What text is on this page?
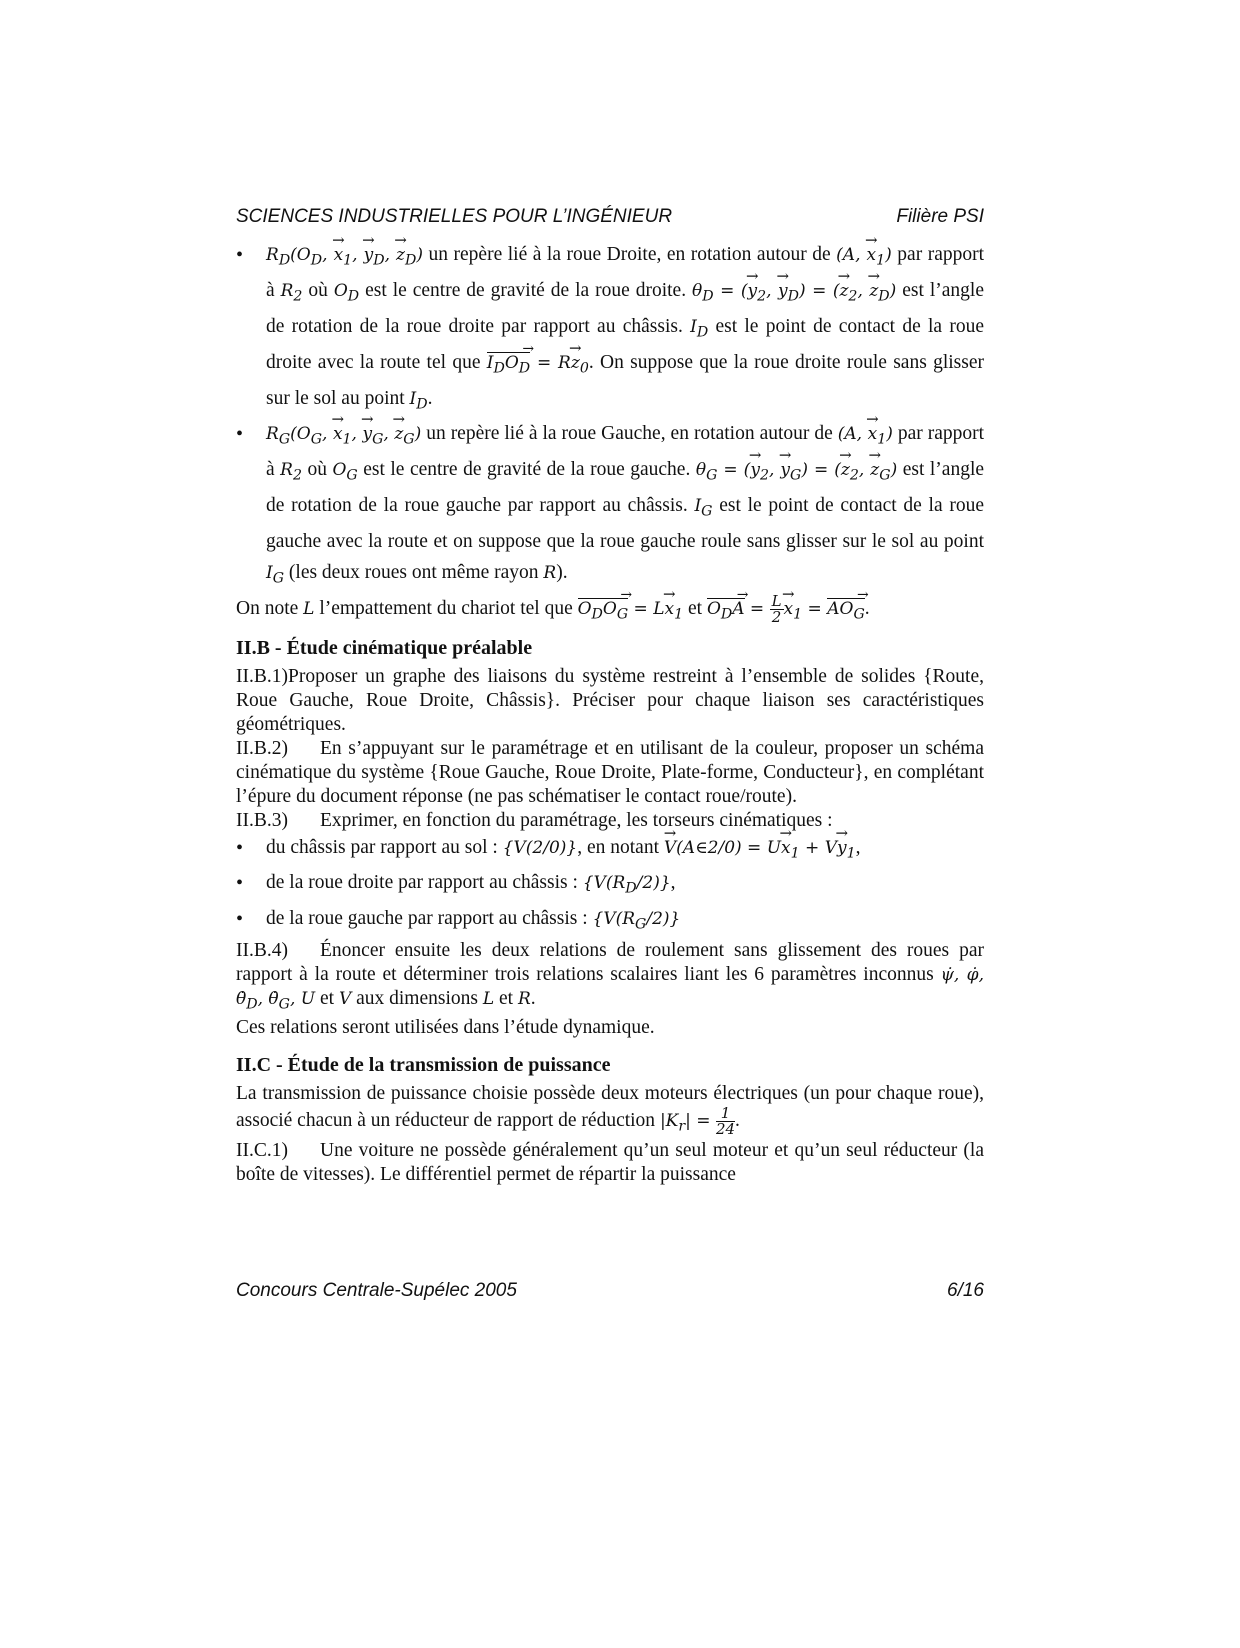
SCIENCES INDUSTRIELLES POUR L’INGÉNIEUR	Filière PSI
• $R_D(O_D$, → $x_1$, → $y_D$, → $z_D$) un repère lié à la roue Droite, en rotation autour de (A, → $x_1$) par rapport à $R_2$ où $O_D$ est le centre de gravité de la roue droite. $\theta_D$ = (→ $y_2$, → $y_D$) = (→ $z_2$, → $z_D$) est l’angle de rotation de la roue droite par rapport au châssis. $I_D$ est le point de contact de la roue droite avec la route tel que $I_DO_D$ → = $R\to z_0$. On suppose que la roue droite roule sans glisser sur le sol au point $I_D$.
• $R_G(O_G$, → $x_1$, → $y_G$, → $z_G$) un repère lié à la roue Gauche, en rotation autour de (A, → $x_1$) par rapport à $R_2$ où $O_G$ est le centre de gravité de la roue gauche. $\theta_G$ = (→ $y_2$, → $y_G$) = (→ $z_2$, → $z_G$) est l’angle de rotation de la roue gauche par rapport au châssis. $I_G$ est le point de contact de la roue gauche avec la route et on suppose que la roue gauche roule sans glisser sur le sol au point $I_G$ (les deux roues ont même rayon R).

On note L l’empattement du chariot tel que $O_DO_G$ → = $L\to x_1$ et $O_DA$ → = $\frac{L}{2}$
→ $x_1 = AO_G$ →.

II.B - Étude cinématique préalable

II.B.1)Proposer un graphe des liaisons du système restreint à l’ensemble de solides {Route, Roue Gauche, Roue Droite, Châssis}. Préciser pour chaque liaison ses caractéristiques géométriques.

II.B.2) En s’appuyant sur le paramétrage et en utilisant de la couleur, proposer un schéma cinématique du système {Roue Gauche, Roue Droite, Plate-forme, Conducteur}, en complétant l’épure du document réponse (ne pas schématiser le contact roue/route).

II.B.3) Exprimer, en fonction du paramétrage, les torseurs cinématiques :

• du châssis par rapport au sol : {V(2/0)}, en notant → V(A∈2/0) = $U\to x_1 + V\to y_1$,
• de la roue droite par rapport au châssis : $\{V(R_D/2)\}$,
• de la roue gauche par rapport au châssis : $\{V(R_G/2)\}$

II.B.4) Énoncer ensuite les deux relations de roulement sans glissement des roues par rapport à la route et déterminer trois relations scalaires liant les 6 paramètres inconnus ψ̇, φ̇, $\thetȧ_D$, $\thetȧ_G$, U et V aux dimensions L et R.

Ces relations seront utilisées dans l’étude dynamique.

II.C - Étude de la transmission de puissance

La transmission de puissance choisie possède deux moteurs électriques (un pour chaque roue), associé chacun à un réducteur de rapport de réduction $|K_r| = \frac{1}{24}$ .

II.C.1) Une voiture ne possède généralement qu’un seul moteur et qu’un seul réducteur (la boîte de vitesses). Le différentiel permet de répartir la puissance

Concours Centrale-Supélec 2005	6/16
